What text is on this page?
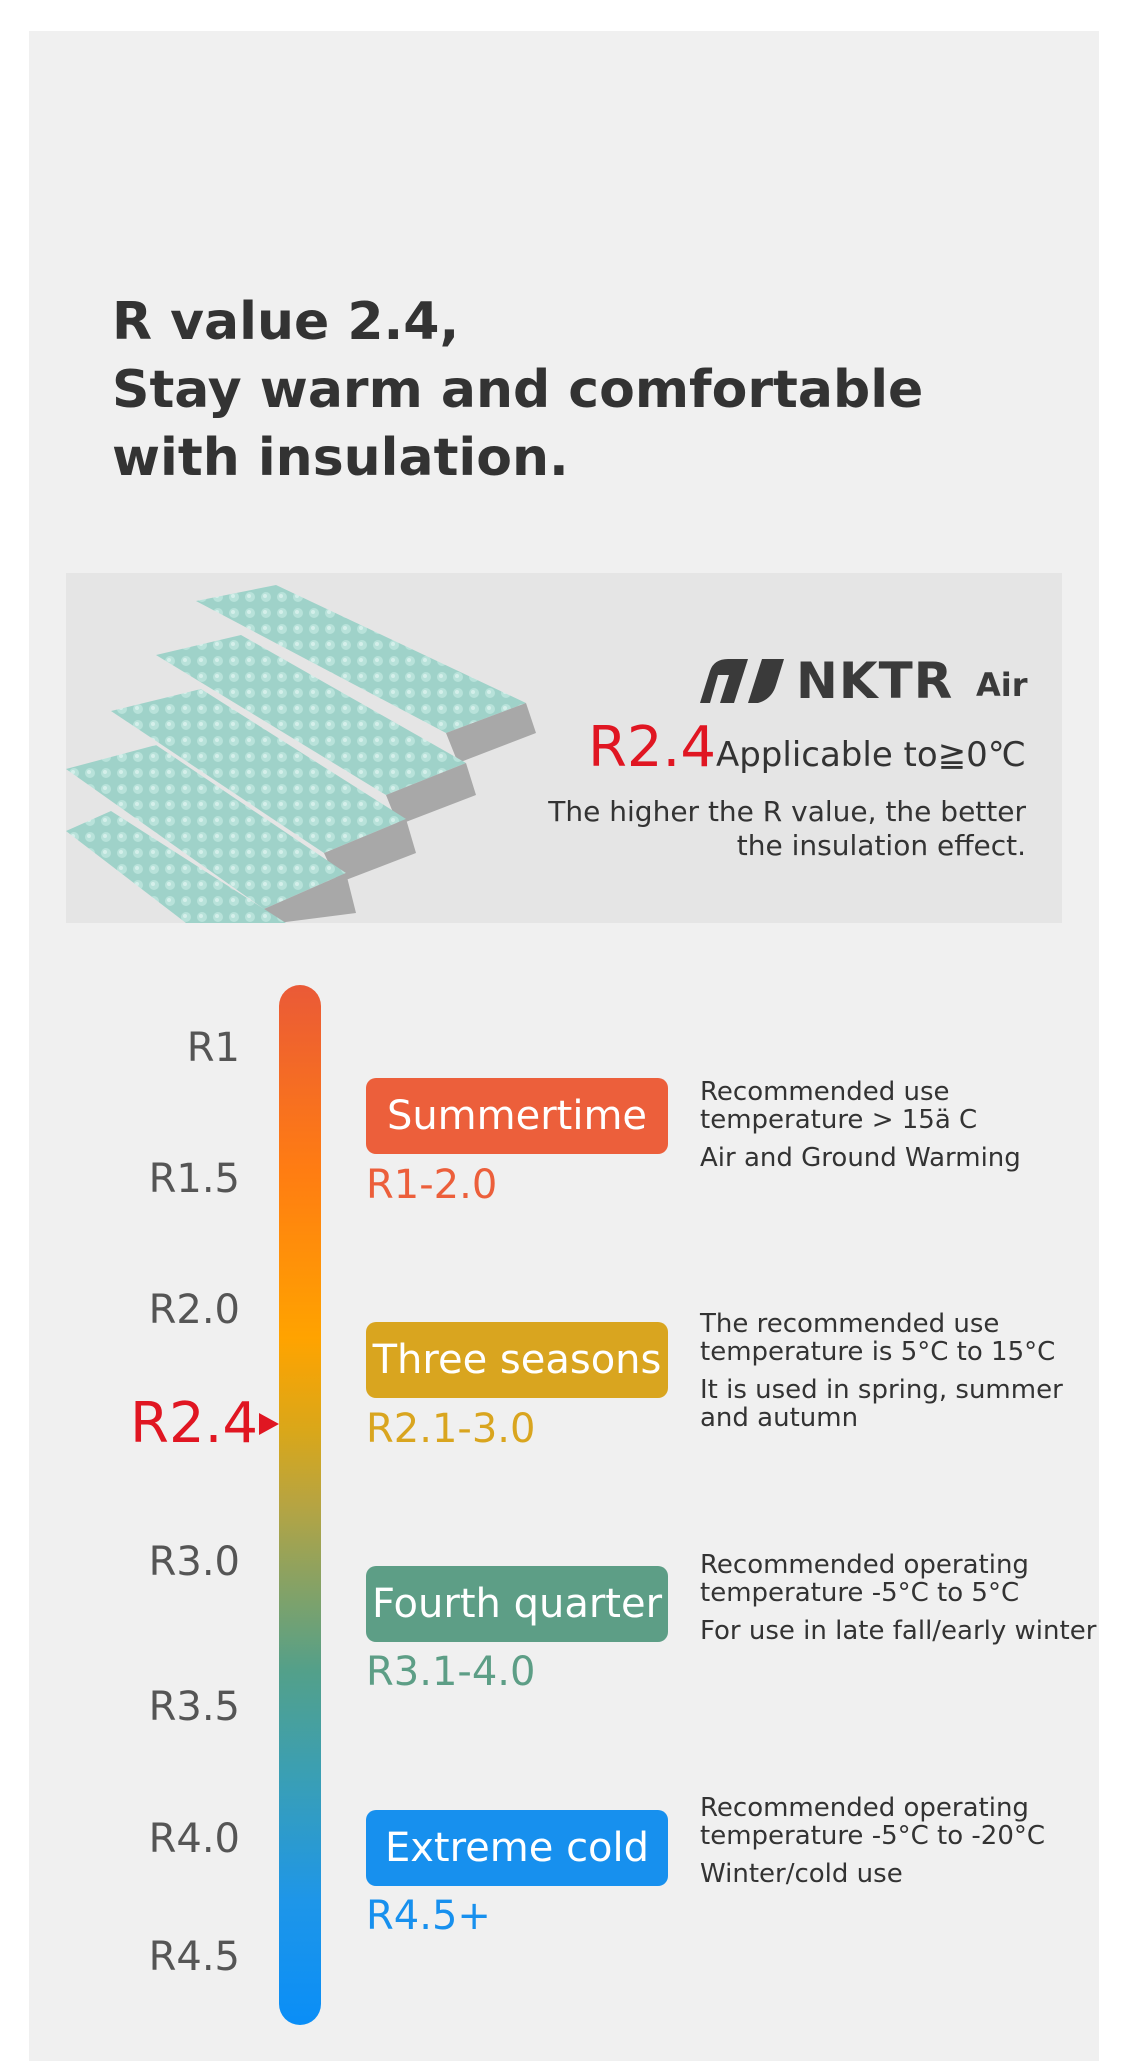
R value 2.4,
Stay warm and comfortable
with insulation.
NKTR Air
R2.4Applicable to≧0℃
The higher the R value, the better
the insulation effect.
R1
R1.5
R2.0
R3.0
R3.5
R4.0
R4.5
R2.4
Summertime
R1-2.0
Recommended use temperature > 15ä C
Air and Ground Warming
Three seasons
R2.1-3.0
The recommended use temperature is 5°C to 15°C
It is used in spring, summer and autumn
Fourth quarter
R3.1-4.0
Recommended operating temperature -5°C to 5°C
For use in late fall/early winter
Extreme cold
R4.5+
Recommended operating temperature -5°C to -20°C
Winter/cold use
